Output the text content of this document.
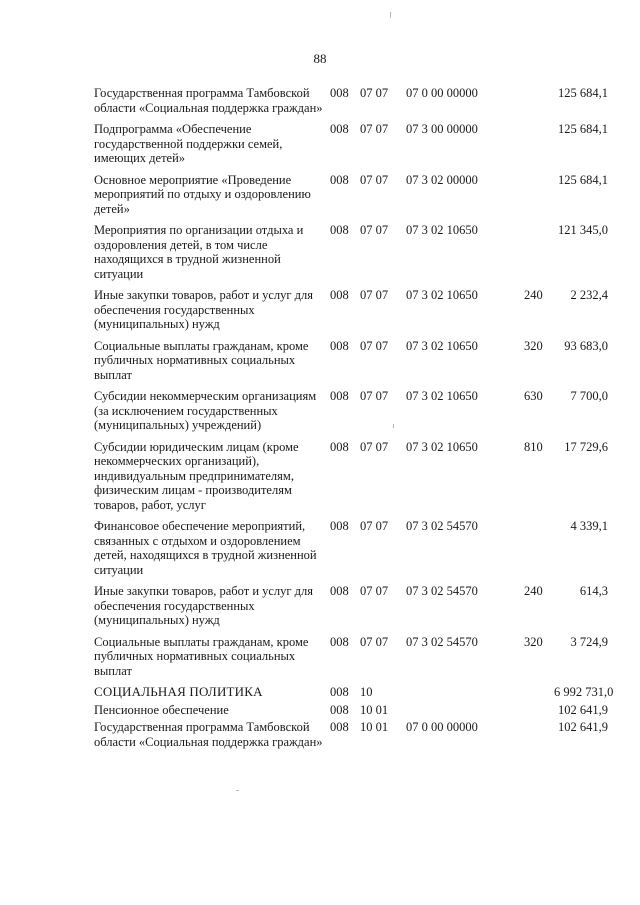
88
Государственная программа Тамбовской области «Социальная поддержка граждан»
008 07 07	07 0 00 00000	125 684,1
Подпрограмма «Обеспечение государственной поддержки семей, имеющих детей»
008 07 07	07 3 00 00000	125 684,1
Основное мероприятие «Проведение мероприятий по отдыху и оздоровлению детей»
008 07 07	07 3 02 00000	125 684,1
Мероприятия по организации отдыха и оздоровления детей, в том числе находящихся в трудной жизненной ситуации
008 07 07	07 3 02 10650	121 345,0
Иные закупки товаров, работ и услуг для обеспечения государственных (муниципальных) нужд
008 07 07	07 3 02 10650	240	2 232,4
Социальные выплаты гражданам, кроме публичных нормативных социальных выплат
008 07 07	07 3 02 10650	320	93 683,0
Субсидии некоммерческим организациям (за исключением государственных (муниципальных) учреждений)
008 07 07	07 3 02 10650	630	7 700,0
Субсидии юридическим лицам (кроме некоммерческих организаций), индивидуальным предпринимателям, физическим лицам - производителям товаров, работ, услуг
008 07 07	07 3 02 10650	810	17 729,6
Финансовое обеспечение мероприятий, связанных с отдыхом и оздоровлением детей, находящихся в трудной жизненной ситуации
008 07 07	07 3 02 54570	4 339,1
Иные закупки товаров, работ и услуг для обеспечения государственных (муниципальных) нужд
008 07 07	07 3 02 54570	240	614,3
Социальные выплаты гражданам, кроме публичных нормативных социальных выплат
008 07 07	07 3 02 54570	320	3 724,9
СОЦИАЛЬНАЯ ПОЛИТИКА	008 10	6 992 731,0
Пенсионное обеспечение	008 10 01	102 641,9
Государственная программа Тамбовской области «Социальная поддержка граждан»
008 10 01	07 0 00 00000	102 641,9
